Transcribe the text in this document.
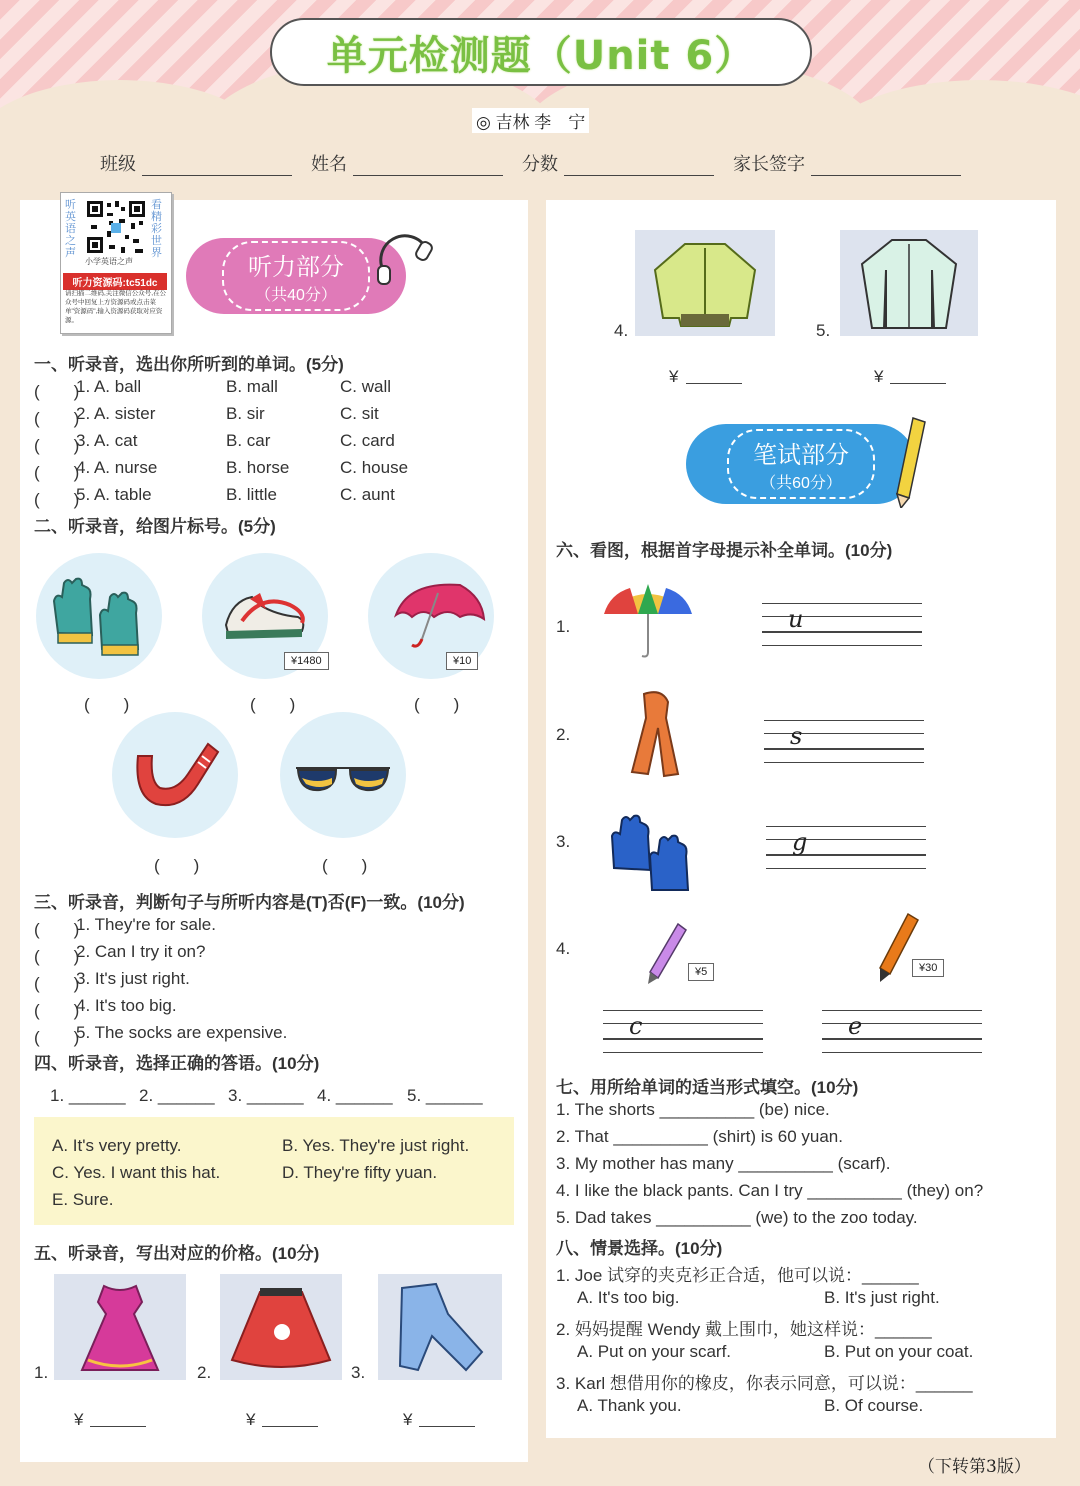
单元检测题（Unit 6）
◎ 吉林 李　宁
班级	姓名	分数	家长签字
听英语之声
看精彩世界
小学英语之声
听力资源码:tc51dc
请扫描二维码,关注微信公众号,在公众号中回复上方资源码或点击菜单"资源码",输入资源码获取对应资源。
听力部分
（共40分）
一、听录音，选出你所听到的单词。(5分)
(　　)
1. A. ball	B. mall	C. wall
(　　)
2. A. sister	B. sir	C. sit
(　　)
3. A. cat	B. car	C. card
(　　)
4. A. nurse	B. horse	C. house
(　　)
5. A. table	B. little	C. aunt
二、听录音，给图片标号。(5分)
¥1480	¥10
(　　)	(　　)	(　　)
(　　)	(　　)
三、听录音，判断句子与所听内容是(T)否(F)一致。(10分)
(　　)
1. They're for sale.
(　　)
2. Can I try it on?
(　　)
3. It's just right.
(　　)
4. It's too big.
(　　)
5. The socks are expensive.
四、听录音，选择正确的答语。(10分)
1. ______ 2. ______ 3. ______ 4. ______ 5. ______
A. It's very pretty.	B. Yes. They're just right.
C. Yes. I want this hat.	D. They're fifty yuan.
E. Sure.
五、听录音，写出对应的价格。(10分)
1.	2.	3.
¥	¥	¥
4.	5.
¥	¥
笔试部分
（共60分）
六、看图，根据首字母提示补全单词。(10分)
1.
2.
3.
4.
¥5	¥30
u
s
g
c	e
七、用所给单词的适当形式填空。(10分)
1. The shorts __________ (be) nice.
2. That __________ (shirt) is 60 yuan.
3. My mother has many __________ (scarf).
4. I like the black pants. Can I try __________ (they) on?
5. Dad takes __________ (we) to the zoo today.
八、情景选择。(10分)
1. Joe 试穿的夹克衫正合适，他可以说：______
A. It's too big.	B. It's just right.
2. 妈妈提醒 Wendy 戴上围巾，她这样说：______
A. Put on your scarf.	B. Put on your coat.
3. Karl 想借用你的橡皮，你表示同意，可以说：______
A. Thank you.	B. Of course.
（下转第3版）
